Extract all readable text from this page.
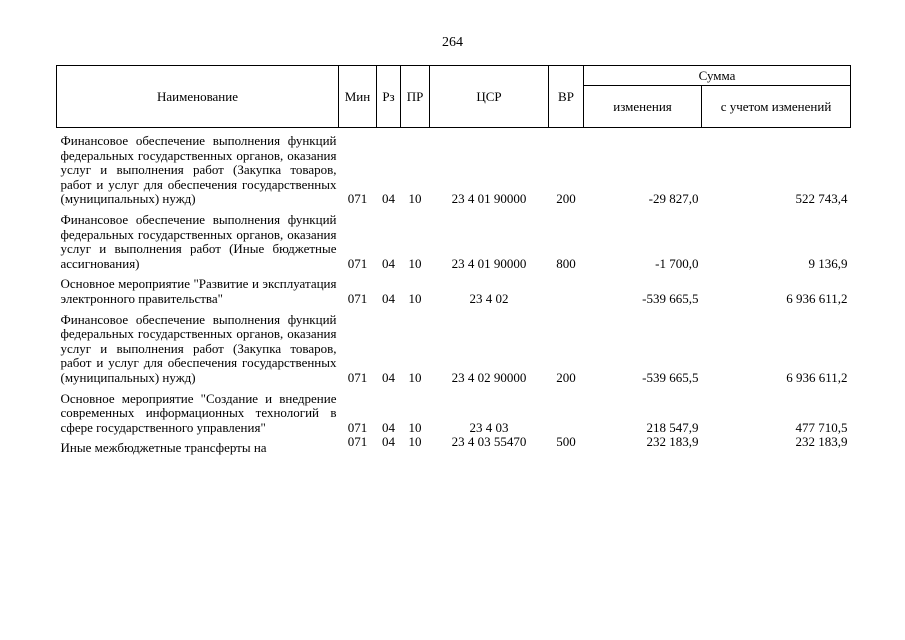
264
Наименование	Мин	Рз	ПР	ЦСР	ВР	Сумма	
						изменения	с учетом изменений

Финансовое обеспечение выполнения функций федеральных государственных органов, оказания услуг и выполнения работ (Закупка товаров, работ и услуг для обеспечения государственных (муниципальных) нужд)	071	04	10	23 4 01 90000	200	-29 827,0	522 743,4

Финансовое обеспечение выполнения функций федеральных государственных органов, оказания услуг и выполнения работ (Иные бюджетные ассигнования)	071	04	10	23 4 01 90000	800	-1 700,0	9 136,9

Основное мероприятие "Развитие и эксплуатация электронного правительства"	071	04	10	23 4 02		-539 665,5	6 936 611,2

Финансовое обеспечение выполнения функций федеральных государственных органов, оказания услуг и выполнения работ (Закупка товаров, работ и услуг для обеспечения государственных (муниципальных) нужд)	071	04	10	23 4 02 90000	200	-539 665,5	6 936 611,2

Основное мероприятие "Создание и внедрение современных информационных технологий в сфере государственного управления"	071	04	10	23 4 03		218 547,9	477 710,5

Иные межбюджетные трансферты на	071	04	10	23 4 03 55470	500	232 183,9	232 183,9
